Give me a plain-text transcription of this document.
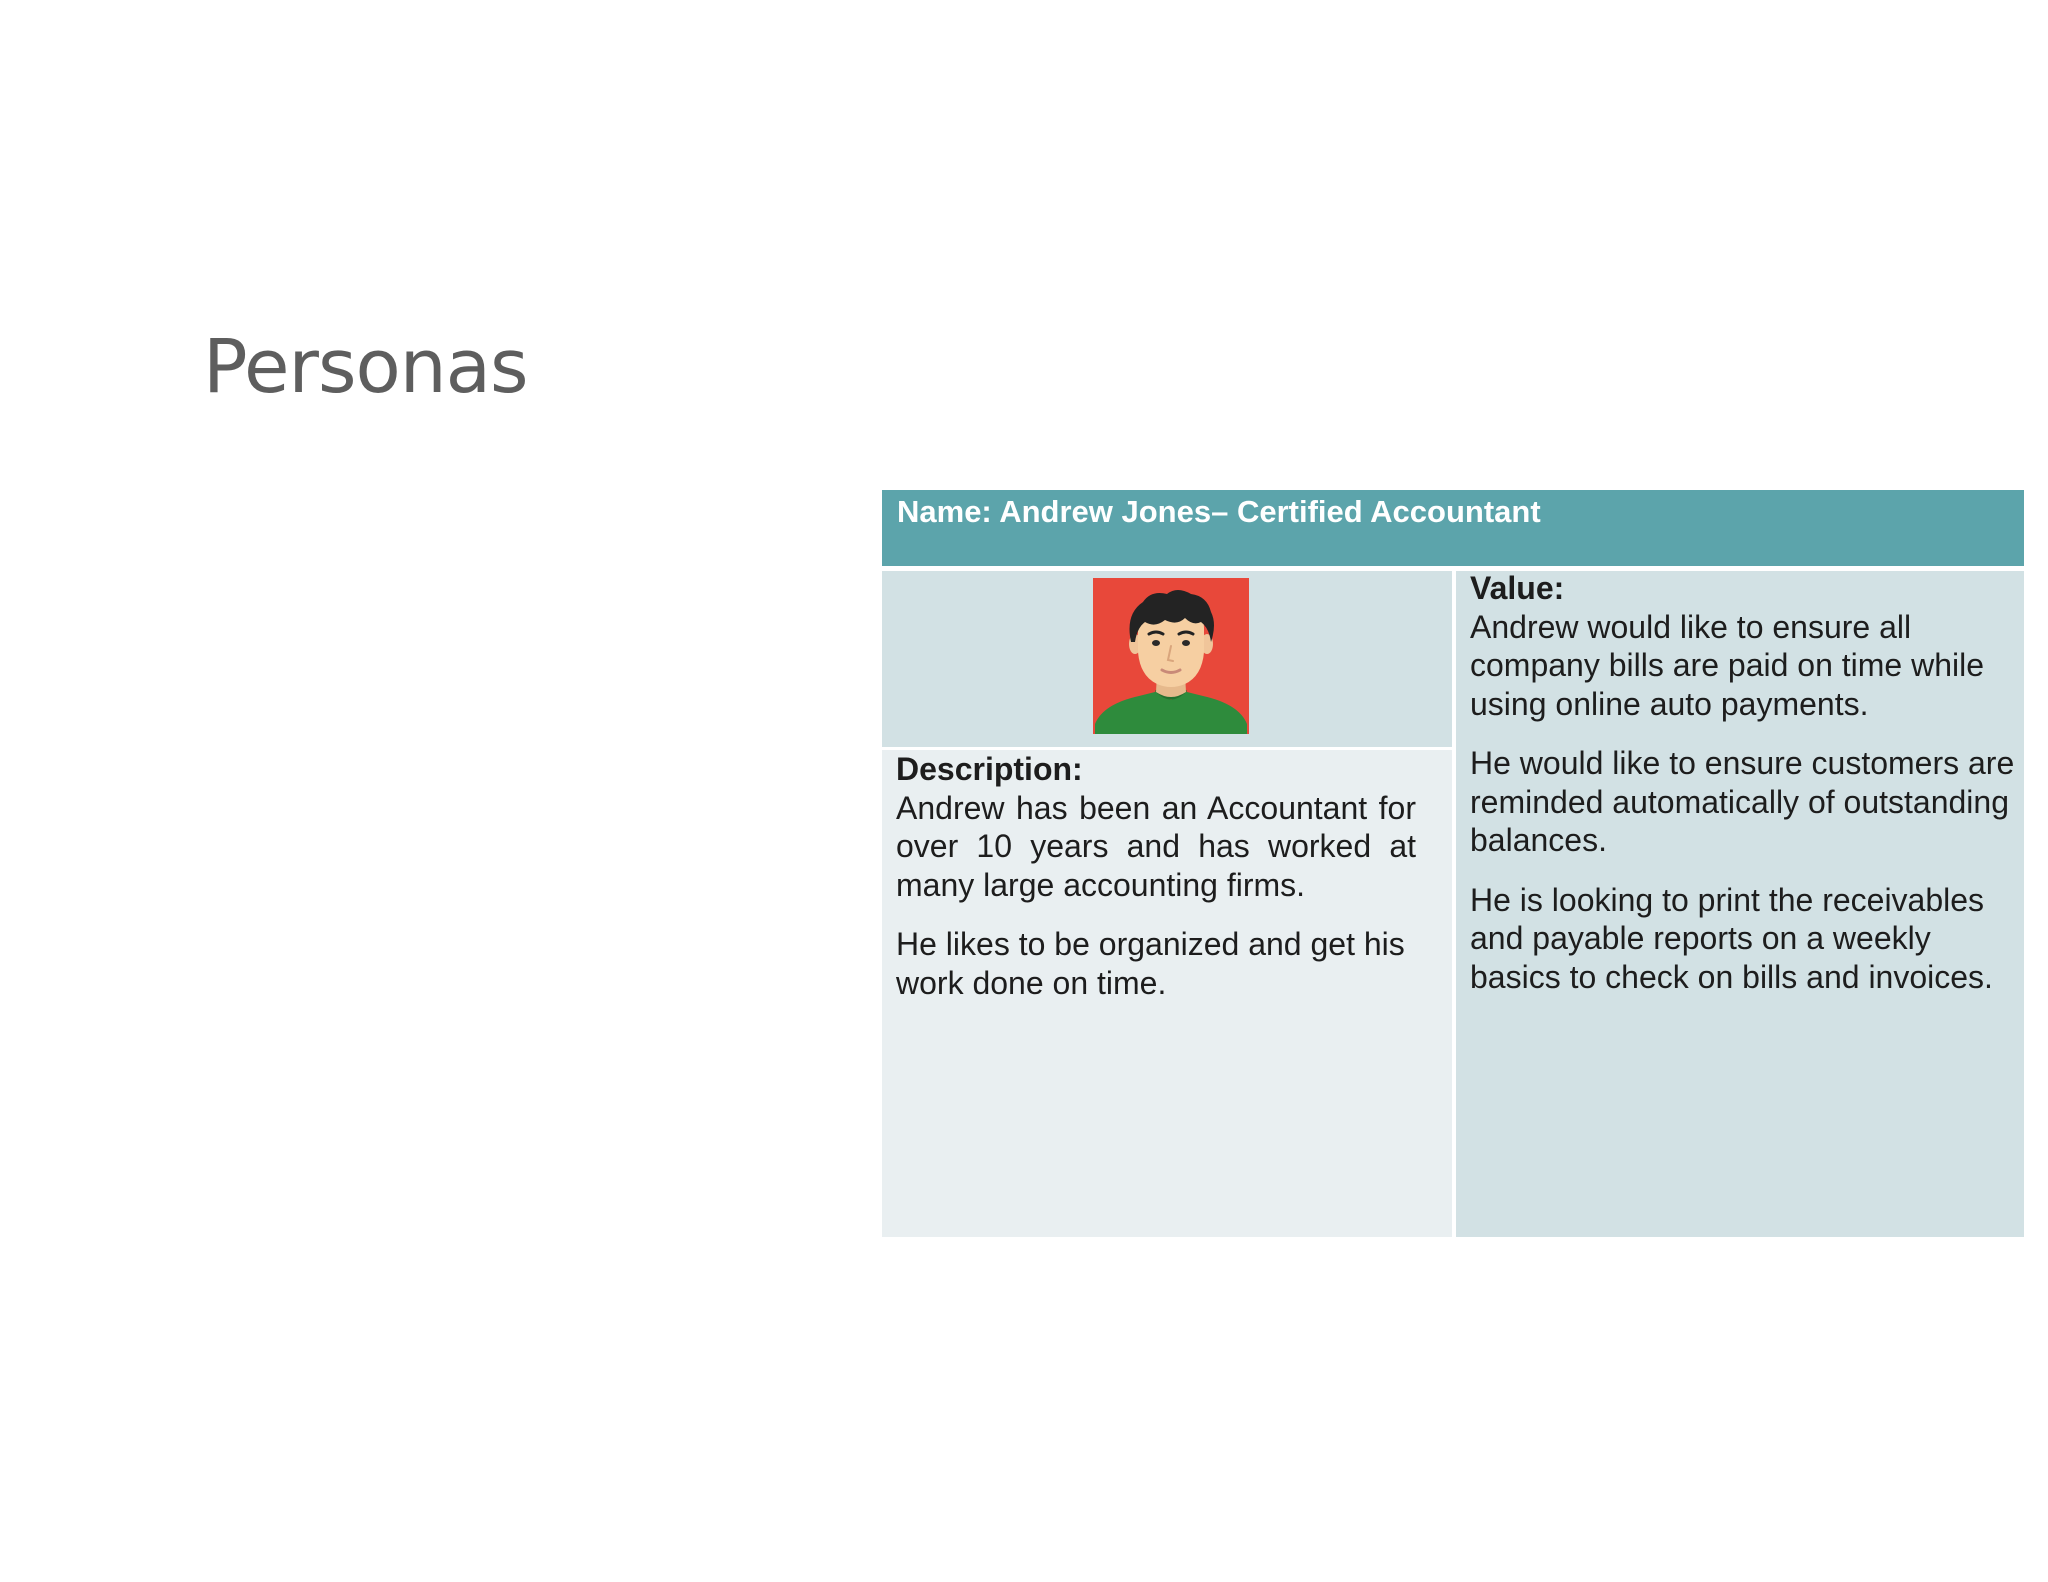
Personas
Name: Andrew Jones– Certified Accountant
Description:
Andrew has been an Accountant for over 10 years and has worked at many large accounting firms.
He likes to be organized and get his work done on time.
Value:
Andrew would like to ensure all company bills are paid on time while using online auto payments.
He would like to ensure customers are reminded automatically of outstanding balances.
He is looking to print the receivables and payable reports on a weekly basics to check on bills and invoices.
